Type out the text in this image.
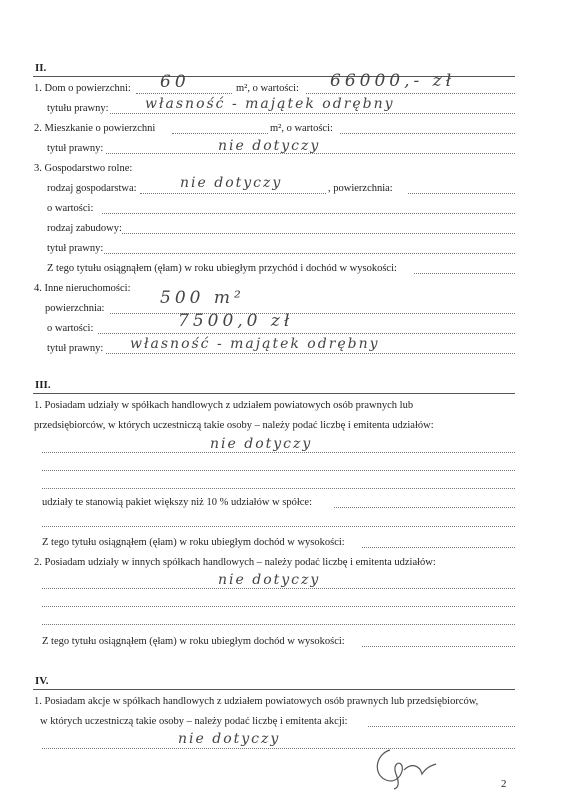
II.
1. Dom o powierzchni: 60	m², o wartości: 66000,- zł
tytułu prawny:	własność - majątek odrębny
2. Mieszkanie o powierzchni	m², o wartości:
tytuł prawny:	nie dotyczy
3. Gospodarstwo rolne:
rodzaj gospodarstwa:	nie dotyczy	, powierzchnia:
o wartości:
rodzaj zabudowy:
tytuł prawny:
Z tego tytułu osiągnąłem (ęłam) w roku ubiegłym przychód i dochód w wysokości:
4. Inne nieruchomości:
powierzchnia:
500 m²
o wartości:	7500,0 zł
tytuł prawny: własność - majątek odrębny
III.
1. Posiadam udziały w spółkach handlowych z udziałem powiatowych osób prawnych lub
przedsiębiorców, w których uczestniczą takie osoby – należy podać liczbę i emitenta udziałów:
nie dotyczy
udziały te stanowią pakiet większy niż 10 % udziałów w spółce:
Z tego tytułu osiągnąłem (ęłam) w roku ubiegłym dochód w wysokości:
2. Posiadam udziały w innych spółkach handlowych – należy podać liczbę i emitenta udziałów:
nie dotyczy
Z tego tytułu osiągnąłem (ęłam) w roku ubiegłym dochód w wysokości:
IV.
1. Posiadam akcje w spółkach handlowych z udziałem powiatowych osób prawnych lub przedsiębiorców,
w których uczestniczą takie osoby – należy podać liczbę i emitenta akcji:
nie dotyczy
2
